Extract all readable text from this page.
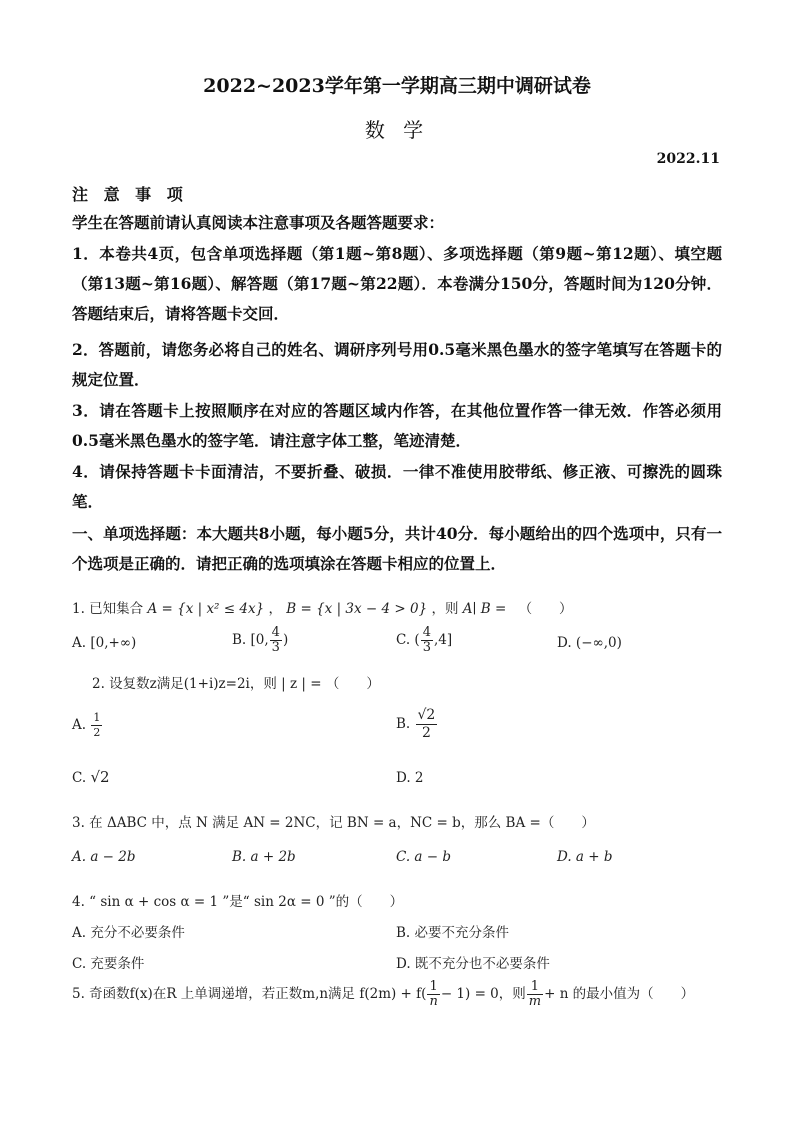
2022~2023学年第一学期高三期中调研试卷
数 学
2022.11
注 意 事 项
学生在答题前请认真阅读本注意事项及各题答题要求：
1．本卷共4页，包含单项选择题（第1题~第8题）、多项选择题（第9题~第12题）、填空题（第13题~第16题）、解答题（第17题~第22题）．本卷满分150分，答题时间为120分钟．答题结束后，请将答题卡交回．
2．答题前，请您务必将自己的姓名、调研序列号用0.5毫米黑色墨水的签字笔填写在答题卡的规定位置．
3．请在答题卡上按照顺序在对应的答题区域内作答，在其他位置作答一律无效．作答必须用0.5毫米黑色墨水的签字笔．请注意字体工整，笔迹清楚．
4．请保持答题卡卡面清洁，不要折叠、破损．一律不准使用胶带纸、修正液、可擦洗的圆珠笔．
一、单项选择题：本大题共8小题，每小题5分，共计40分．每小题给出的四个选项中，只有一个选项是正确的．请把正确的选项填涂在答题卡相应的位置上．
1. 已知集合 A = {x | x² ≤ 4x} ， B = {x | 3x − 4 > 0} ，则 A∣ B = （　　）
A. [0,+∞)	B. [0, $\frac{4}{3}$ )	C. ( $\frac{4}{3} ,4$]	D. (−∞,0)
2. 设复数z满足(1+i)z=2i，则 | z | = （　　）
A. $\frac{1}{2}$	B. $\frac{√2}{2}$
C. √2	D. 2
3. 在 ΔABC 中，点 N 满足 AN = 2NC，记 BN = a，NC = b，那么 BA =（　　）
A. a − 2b	B. a + 2b	C. a − b	D. a + b
4. “ sin α + cos α = 1 ”是“ sin 2α = 0 ”的（　　）
A. 充分不必要条件	B. 必要不充分条件
C. 充要条件	D. 既不充分也不必要条件
5. 奇函数f(x)在R 上单调递增，若正数m,n满足 $f(2m) + f( \frac{1}{n} - 1) = 0$，则 $\frac{1}{m} + n$ 的最小值为（　　）
